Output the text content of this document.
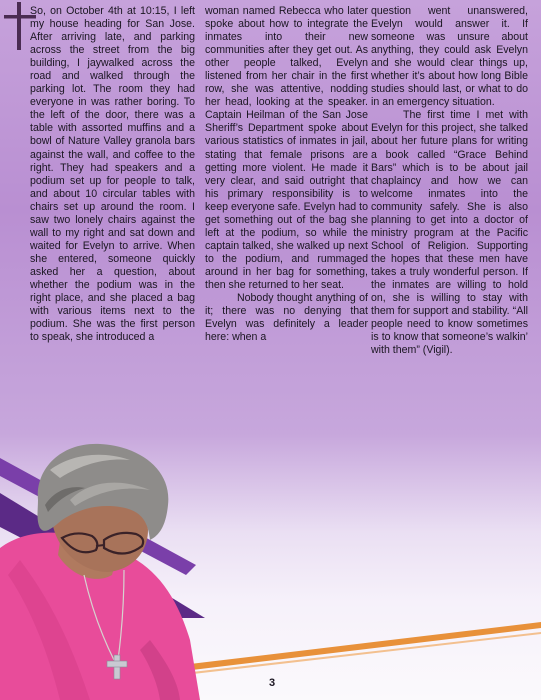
So, on October 4th at 10:15, I left my house heading for San Jose. After arriving late, and parking across the street from the big building, I jaywalked across the road and walked through the parking lot. The room they had everyone in was rather boring. To the left of the door, there was a table with assorted muffins and a bowl of Nature Valley granola bars against the wall, and coffee to the right. They had speakers and a podium set up for people to talk, and about 10 circular tables with chairs set up around the room. I saw two lonely chairs against the wall to my right and sat down and waited for Evelyn to arrive. When she entered, someone quickly asked her a question, about whether the podium was in the right place, and she placed a bag with various items next to the podium. She was the first person to speak, she introduced a

woman named Rebecca who later spoke about how to integrate the inmates into their new communities after they get out. As other people talked, Evelyn listened from her chair in the first row, she was attentive, nodding her head, looking at the speaker. Captain Heilman of the San Jose Sheriff’s Department spoke about various statistics of inmates in jail, stating that female prisons are getting more violent. He made it very clear, and said outright that his primary responsibility is to keep everyone safe. Evelyn had to get something out of the bag she left at the podium, so while the captain talked, she walked up next to the podium, and rummaged around in her bag for something, then she returned to her seat.

Nobody thought anything of it; there was no denying that Evelyn was definitely a leader here: when a

question went unanswered, Evelyn would answer it. If someone was unsure about anything, they could ask Evelyn and she would clear things up, whether it’s about how long Bible studies should last, or what to do in an emergency situation.

The first time I met with Evelyn for this project, she talked about her future plans for writing a book called “Grace Behind Bars” which is to be about jail chaplaincy and how we can welcome inmates into the community safely. She is also planning to get into a doctor of ministry program at the Pacific School of Religion. Supporting the hopes that these men have takes a truly wonderful person. If the inmates are willing to hold on, she is willing to stay with them for support and stability. “All people need to know sometimes is to know that someone’s walkin’ with them” (Vigil).

3
